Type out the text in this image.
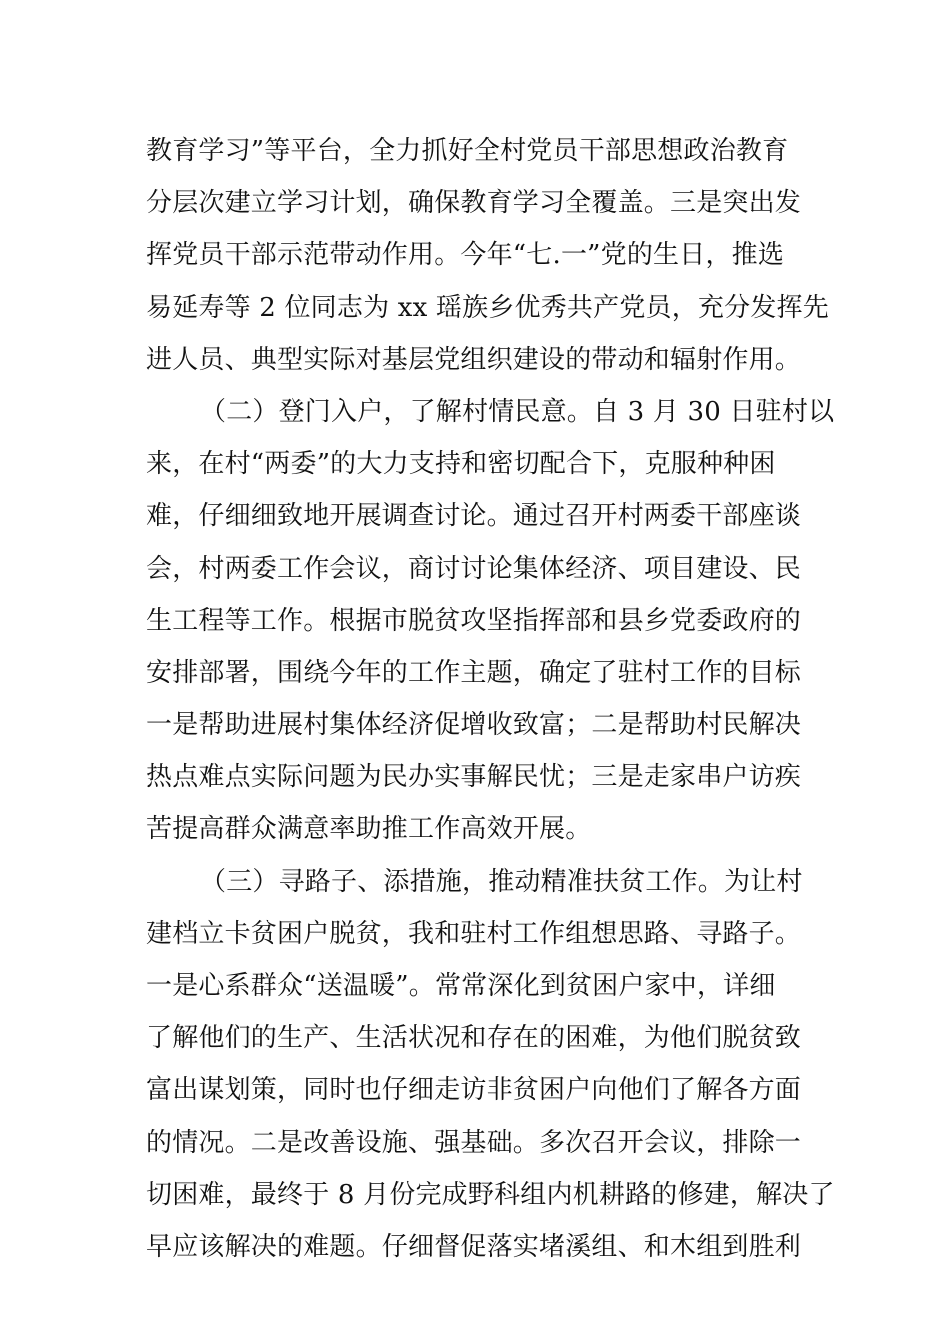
教育学习”等平台，全力抓好全村党员干部思想政治教育
分层次建立学习计划，确保教育学习全覆盖。三是突出发
挥党员干部示范带动作用。今年“七.一”党的生日，推选
易延寿等 2 位同志为 xx 瑶族乡优秀共产党员，充分发挥先
进人员、典型实际对基层党组织建设的带动和辐射作用。
（二）登门入户，了解村情民意。自 3 月 30 日驻村以
来，在村“两委”的大力支持和密切配合下，克服种种困
难，仔细细致地开展调查讨论。通过召开村两委干部座谈
会，村两委工作会议，商讨讨论集体经济、项目建设、民
生工程等工作。根据市脱贫攻坚指挥部和县乡党委政府的
安排部署，围绕今年的工作主题，确定了驻村工作的目标
一是帮助进展村集体经济促增收致富；二是帮助村民解决
热点难点实际问题为民办实事解民忧；三是走家串户访疾
苦提高群众满意率助推工作高效开展。
（三）寻路子、添措施，推动精准扶贫工作。为让村
建档立卡贫困户脱贫，我和驻村工作组想思路、寻路子。
一是心系群众“送温暖”。常常深化到贫困户家中，详细
了解他们的生产、生活状况和存在的困难，为他们脱贫致
富出谋划策，同时也仔细走访非贫困户向他们了解各方面
的情况。二是改善设施、强基础。多次召开会议，排除一
切困难，最终于 8 月份完成野科组内机耕路的修建，解决了
早应该解决的难题。仔细督促落实堵溪组、和木组到胜利
